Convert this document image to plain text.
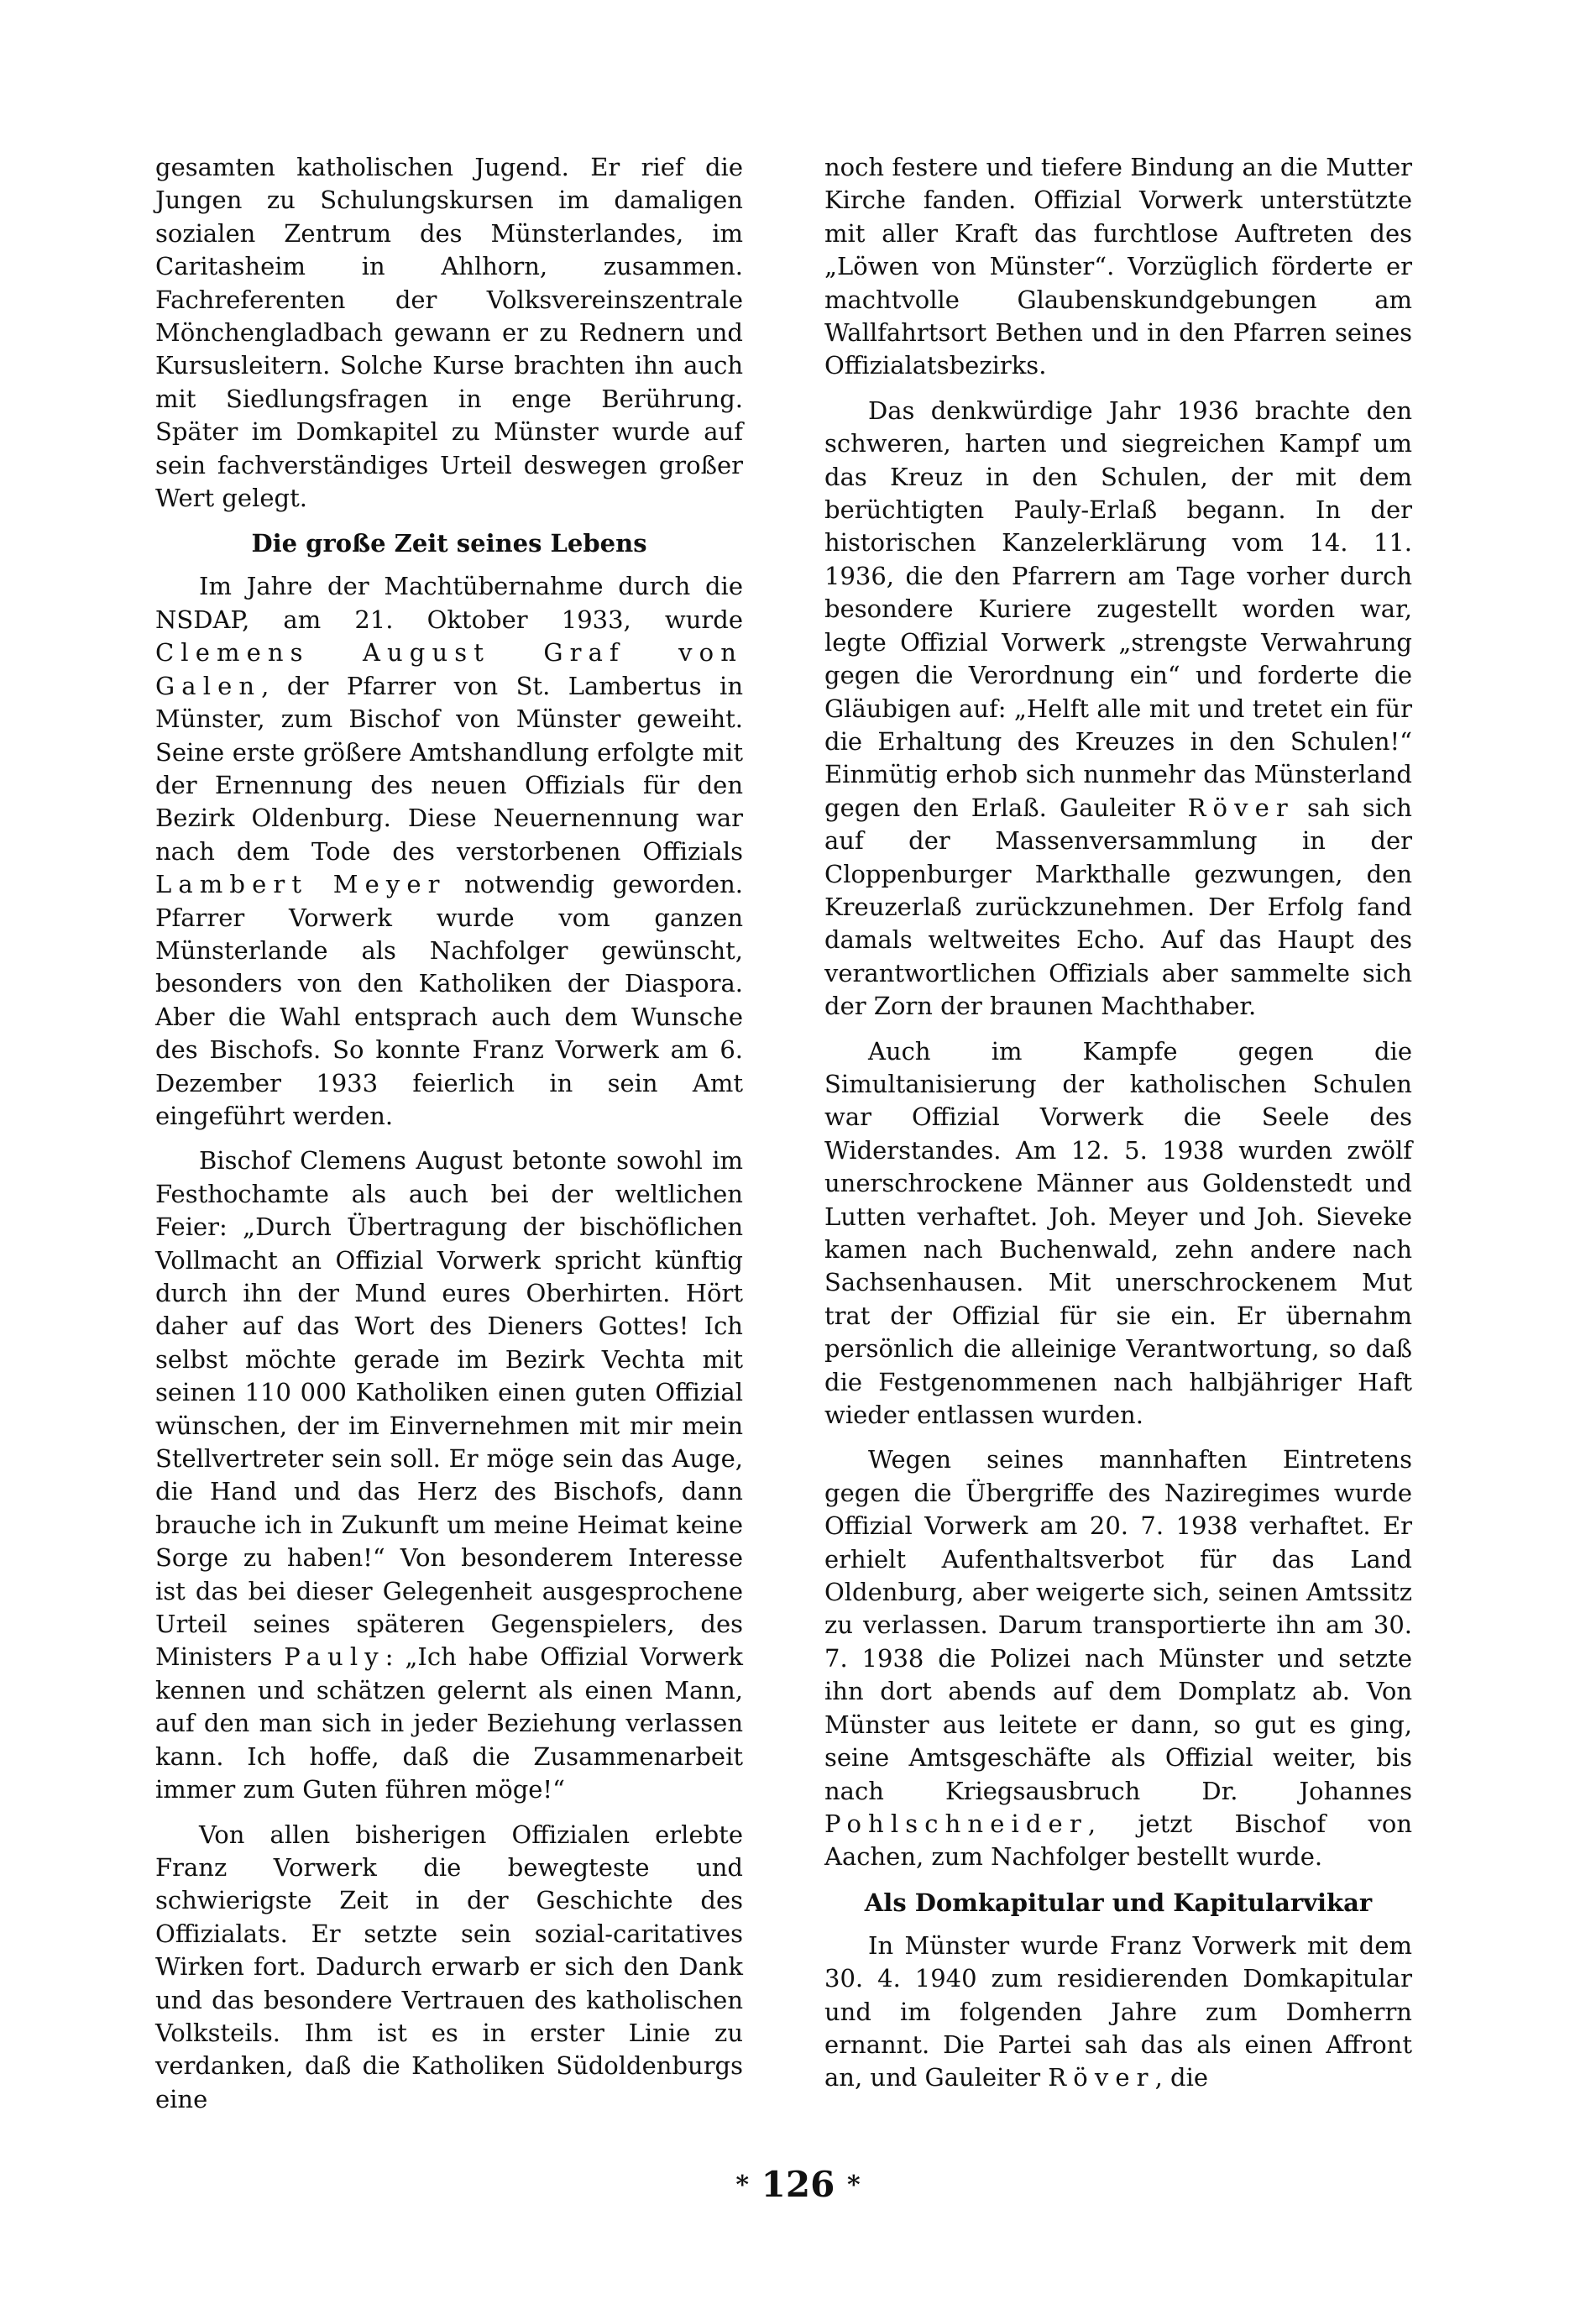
gesamten katholischen Jugend. Er rief die Jungen zu Schulungskursen im damaligen sozialen Zentrum des Münsterlandes, im Caritasheim in Ahlhorn, zusammen. Fachreferenten der Volksvereinszentrale Mönchengladbach gewann er zu Rednern und Kursusleitern. Solche Kurse brachten ihn auch mit Siedlungsfragen in enge Berührung. Später im Domkapitel zu Münster wurde auf sein fachverständiges Urteil deswegen großer Wert gelegt.

Die große Zeit seines Lebens

Im Jahre der Machtübernahme durch die NSDAP, am 21. Oktober 1933, wurde Clemens August Graf von Galen, der Pfarrer von St. Lambertus in Münster, zum Bischof von Münster geweiht. Seine erste größere Amtshandlung erfolgte mit der Ernennung des neuen Offizials für den Bezirk Oldenburg. Diese Neuernennung war nach dem Tode des verstorbenen Offizials Lambert Meyer notwendig geworden. Pfarrer Vorwerk wurde vom ganzen Münsterlande als Nachfolger gewünscht, besonders von den Katholiken der Diaspora. Aber die Wahl entsprach auch dem Wunsche des Bischofs. So konnte Franz Vorwerk am 6. Dezember 1933 feierlich in sein Amt eingeführt werden.

Bischof Clemens August betonte sowohl im Festhochamte als auch bei der weltlichen Feier: „Durch Übertragung der bischöflichen Vollmacht an Offizial Vorwerk spricht künftig durch ihn der Mund eures Oberhirten. Hört daher auf das Wort des Dieners Gottes! Ich selbst möchte gerade im Bezirk Vechta mit seinen 110 000 Katholiken einen guten Offizial wünschen, der im Einvernehmen mit mir mein Stellvertreter sein soll. Er möge sein das Auge, die Hand und das Herz des Bischofs, dann brauche ich in Zukunft um meine Heimat keine Sorge zu haben!“ Von besonderem Interesse ist das bei dieser Gelegenheit ausgesprochene Urteil seines späteren Gegenspielers, des Ministers Pauly: „Ich habe Offizial Vorwerk kennen und schätzen gelernt als einen Mann, auf den man sich in jeder Beziehung verlassen kann. Ich hoffe, daß die Zusammenarbeit immer zum Guten führen möge!“

Von allen bisherigen Offizialen erlebte Franz Vorwerk die bewegteste und schwierigste Zeit in der Geschichte des Offizialats. Er setzte sein sozial-caritatives Wirken fort. Dadurch erwarb er sich den Dank und das besondere Vertrauen des katholischen Volksteils. Ihm ist es in erster Linie zu verdanken, daß die Katholiken Südoldenburgs eine

noch festere und tiefere Bindung an die Mutter Kirche fanden. Offizial Vorwerk unterstützte mit aller Kraft das furchtlose Auftreten des „Löwen von Münster“. Vorzüglich förderte er machtvolle Glaubenskundgebungen am Wallfahrtsort Bethen und in den Pfarren seines Offizialatsbezirks.

Das denkwürdige Jahr 1936 brachte den schweren, harten und siegreichen Kampf um das Kreuz in den Schulen, der mit dem berüchtigten Pauly-Erlaß begann. In der historischen Kanzelerklärung vom 14. 11. 1936, die den Pfarrern am Tage vorher durch besondere Kuriere zugestellt worden war, legte Offizial Vorwerk „strengste Verwahrung gegen die Verordnung ein“ und forderte die Gläubigen auf: „Helft alle mit und tretet ein für die Erhaltung des Kreuzes in den Schulen!“ Einmütig erhob sich nunmehr das Münsterland gegen den Erlaß. Gauleiter Röver sah sich auf der Massenversammlung in der Cloppenburger Markthalle gezwungen, den Kreuzerlaß zurückzunehmen. Der Erfolg fand damals weltweites Echo. Auf das Haupt des verantwortlichen Offizials aber sammelte sich der Zorn der braunen Machthaber.

Auch im Kampfe gegen die Simultanisierung der katholischen Schulen war Offizial Vorwerk die Seele des Widerstandes. Am 12. 5. 1938 wurden zwölf unerschrockene Männer aus Goldenstedt und Lutten verhaftet. Joh. Meyer und Joh. Sieveke kamen nach Buchenwald, zehn andere nach Sachsenhausen. Mit unerschrockenem Mut trat der Offizial für sie ein. Er übernahm persönlich die alleinige Verantwortung, so daß die Festgenommenen nach halbjähriger Haft wieder entlassen wurden.

Wegen seines mannhaften Eintretens gegen die Übergriffe des Naziregimes wurde Offizial Vorwerk am 20. 7. 1938 verhaftet. Er erhielt Aufenthaltsverbot für das Land Oldenburg, aber weigerte sich, seinen Amtssitz zu verlassen. Darum transportierte ihn am 30. 7. 1938 die Polizei nach Münster und setzte ihn dort abends auf dem Domplatz ab. Von Münster aus leitete er dann, so gut es ging, seine Amtsgeschäfte als Offizial weiter, bis nach Kriegsausbruch Dr. Johannes Pohlschneider, jetzt Bischof von Aachen, zum Nachfolger bestellt wurde.

Als Domkapitular und Kapitularvikar

In Münster wurde Franz Vorwerk mit dem 30. 4. 1940 zum residierenden Domkapitular und im folgenden Jahre zum Domherrn ernannt. Die Partei sah das als einen Affront an, und Gauleiter Röver, die

* 126 *
